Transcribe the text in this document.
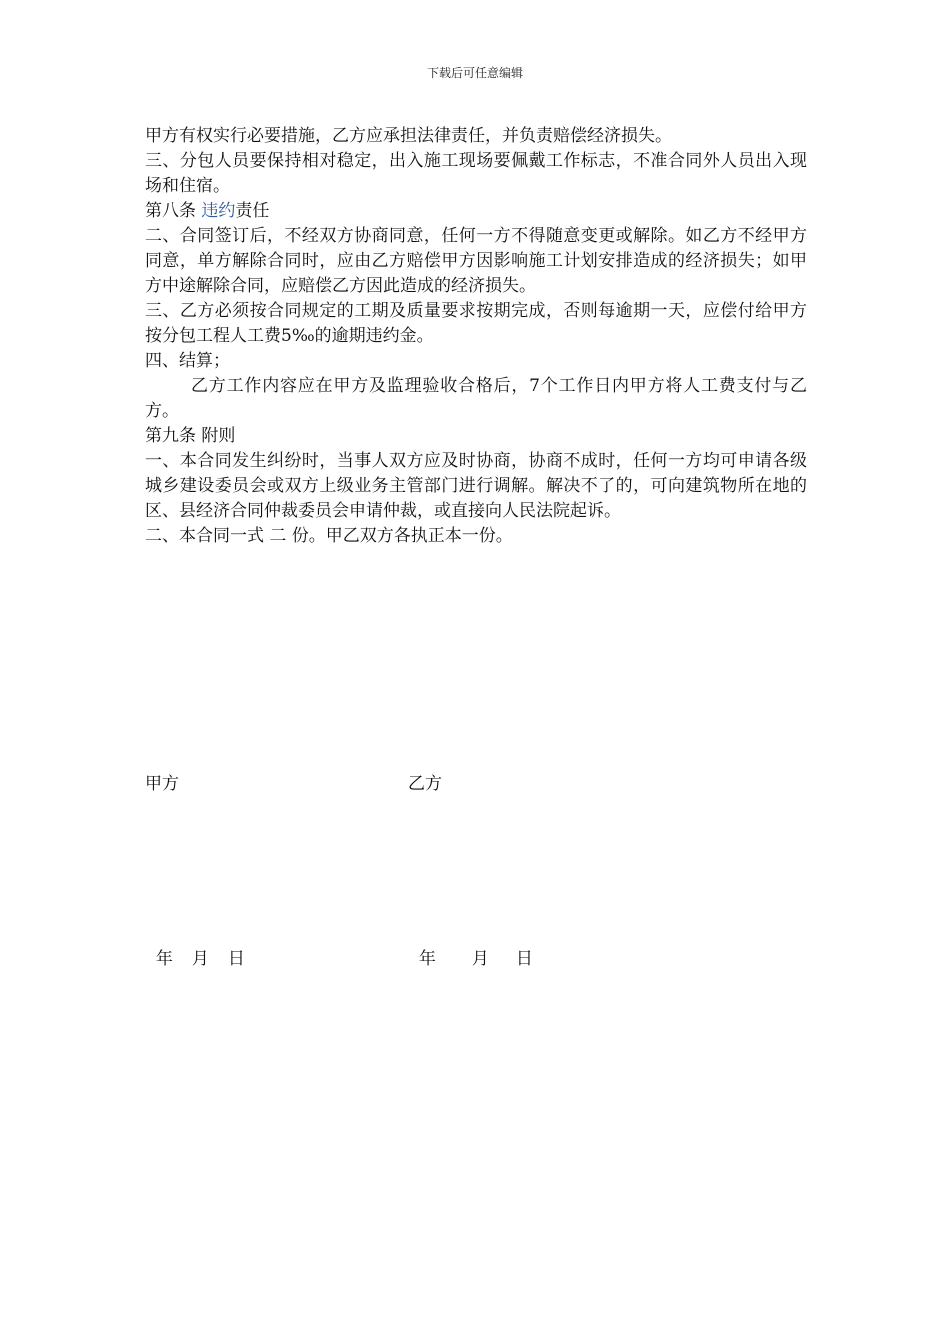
下载后可任意编辑

甲方有权实行必要措施，乙方应承担法律责任，并负责赔偿经济损失。

三、分包人员要保持相对稳定，出入施工现场要佩戴工作标志，不准合同外人员出入现场和住宿。

第八条 违约责任

二、合同签订后，不经双方协商同意，任何一方不得随意变更或解除。如乙方不经甲方同意，单方解除合同时，应由乙方赔偿甲方因影响施工计划安排造成的经济损失；如甲方中途解除合同，应赔偿乙方因此造成的经济损失。

三、乙方必须按合同规定的工期及质量要求按期完成，否则每逾期一天，应偿付给甲方按分包工程人工费5‰的逾期违约金。

四、结算；

乙方工作内容应在甲方及监理验收合格后，7个工作日内甲方将人工费支付与乙方。

第九条 附则

一、本合同发生纠纷时，当事人双方应及时协商，协商不成时，任何一方均可申请各级城乡建设委员会或双方上级业务主管部门进行调解。解决不了的，可向建筑物所在地的区、县经济合同仲裁委员会申请仲裁，或直接向人民法院起诉。

二、本合同一式 二 份。甲乙双方各执正本一份。

甲方	乙方

年 月 日	年 月 日
